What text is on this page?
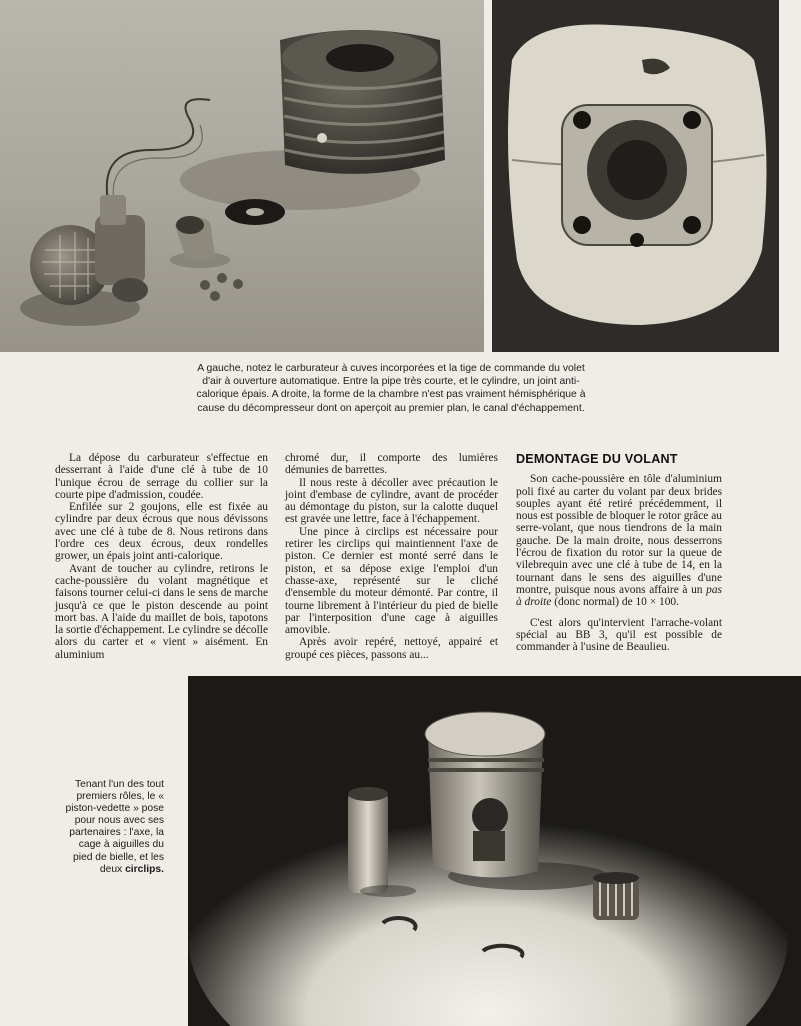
A gauche, notez le carburateur à cuves incorporées et la tige de commande du volet d'air à ouverture automatique. Entre la pipe très courte, et le cylindre, un joint anti-calorique épais. A droite, la forme de la chambre n'est pas vraiment hémisphérique à cause du décompresseur dont on aperçoit au premier plan, le canal d'échappement.

La dépose du carburateur s'effectue en desserrant à l'aide d'une clé à tube de 10 l'unique écrou de serrage du collier sur la courte pipe d'admission, coudée.

Enfilée sur 2 goujons, elle est fixée au cylindre par deux écrous que nous dévissons avec une clé à tube de 8. Nous retirons dans l'ordre ces deux écrous, deux rondelles grower, un épais joint anti-calorique.

Avant de toucher au cylindre, retirons le cache-poussière du volant magnétique et faisons tourner celui-ci dans le sens de marche jusqu'à ce que le piston descende au point mort bas. A l'aide du maillet de bois, tapotons la sortie d'échappement. Le cylindre se décolle alors du carter et « vient » aisément. En aluminium

chromé dur, il comporte des lumières démunies de barrettes.

Il nous reste à décoller avec précaution le joint d'embase de cylindre, avant de procéder au démontage du piston, sur la calotte duquel est gravée une lettre, face à l'échappement.

Une pince à circlips est nécessaire pour retirer les circlips qui maintiennent l'axe de piston. Ce dernier est monté serré dans le piston, et sa dépose exige l'emploi d'un chasse-axe, représenté sur le cliché d'ensemble du moteur démonté. Par contre, il tourne librement à l'intérieur du pied de bielle par l'interposition d'une cage à aiguilles amovible.

Après avoir repéré, nettoyé, appairé et groupé ces pièces, passons au...

DEMONTAGE DU VOLANT

Son cache-poussière en tôle d'aluminium poli fixé au carter du volant par deux brides souples ayant été retiré précédemment, il nous est possible de bloquer le rotor grâce au serre-volant, que nous tiendrons de la main gauche. De la main droite, nous desserrons l'écrou de fixation du rotor sur la queue de vilebrequin avec une clé à tube de 14, en la tournant dans le sens des aiguilles d'une montre, puisque nous avons affaire à un pas à droite (donc normal) de 10 × 100.

C'est alors qu'intervient l'arrache-volant spécial au BB 3, qu'il est possible de commander à l'usine de Beaulieu.

Tenant l'un des tout premiers rôles, le « piston-vedette » pose pour nous avec ses partenaires : l'axe, la cage à aiguilles du pied de bielle, et les deux circlips.
